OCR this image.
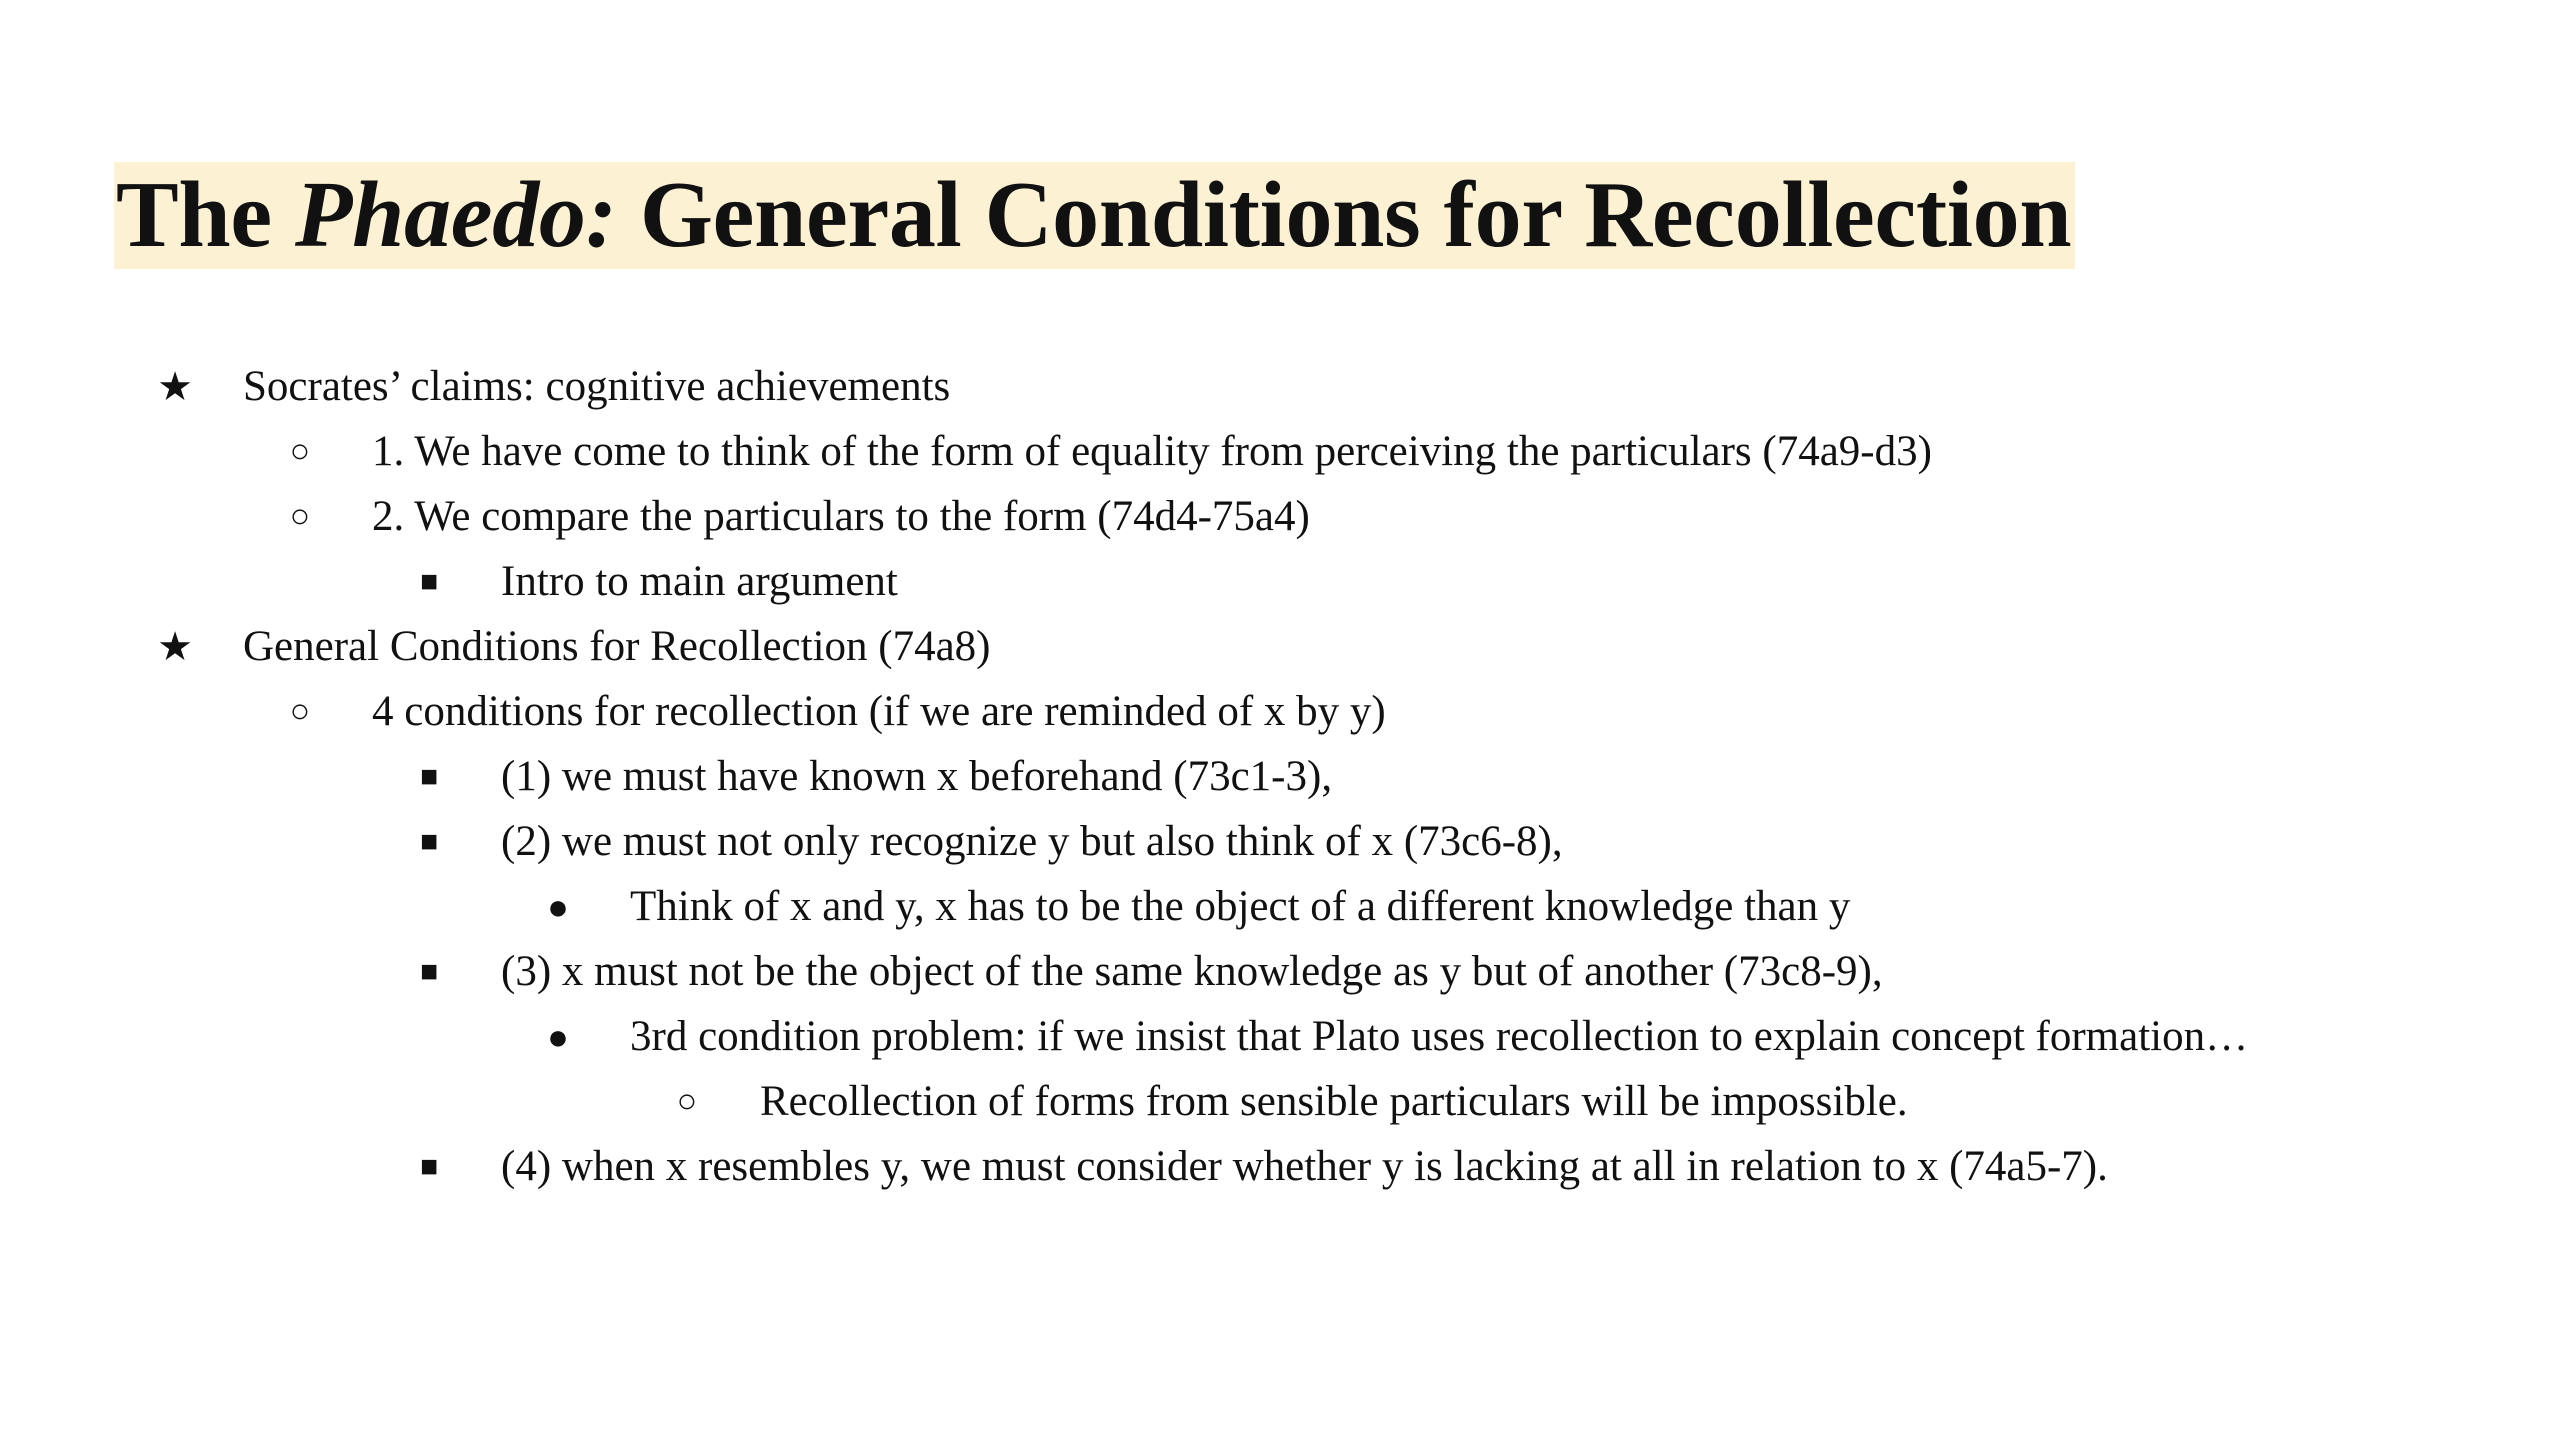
The Phaedo: General Conditions for Recollection
★ Socrates’ claims: cognitive achievements
○ 1. We have come to think of the form of equality from perceiving the particulars (74a9-d3)
○ 2. We compare the particulars to the form (74d4-75a4)
■ Intro to main argument
★ General Conditions for Recollection (74a8)
○ 4 conditions for recollection (if we are reminded of x by y)
■ (1) we must have known x beforehand (73c1-3),
■ (2) we must not only recognize y but also think of x (73c6-8),
● Think of x and y, x has to be the object of a different knowledge than y
■ (3) x must not be the object of the same knowledge as y but of another (73c8-9),
● 3rd condition problem: if we insist that Plato uses recollection to explain concept formation…
○ Recollection of forms from sensible particulars will be impossible.
■ (4) when x resembles y, we must consider whether y is lacking at all in relation to x (74a5-7).
